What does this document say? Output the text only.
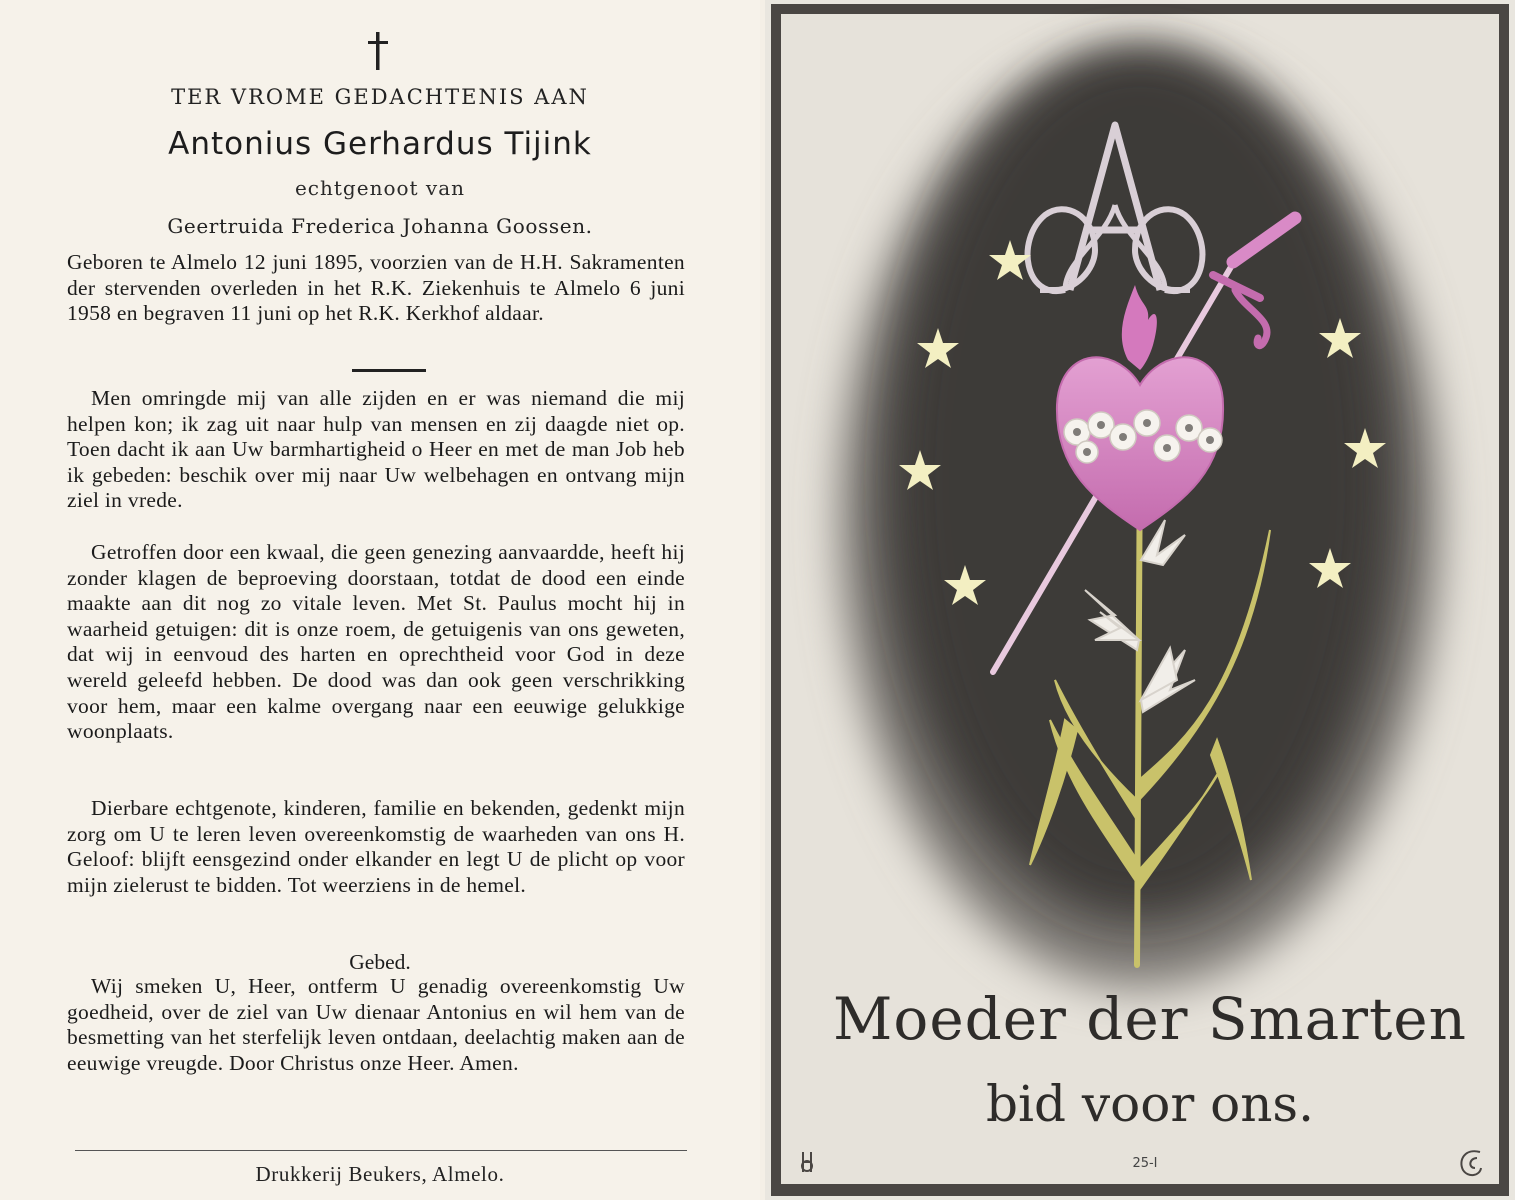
TER VROME GEDACHTENIS AAN
Antonius Gerhardus Tijink
echtgenoot van
Geertruida Frederica Johanna Goossen.

Geboren te Almelo 12 juni 1895, voorzien van de H.H. Sakramenten der stervenden overleden in het R.K. Ziekenhuis te Almelo 6 juni 1958 en begraven 11 juni op het R.K. Kerkhof aldaar.

Men omringde mij van alle zijden en er was niemand die mij helpen kon; ik zag uit naar hulp van mensen en zij daagde niet op. Toen dacht ik aan Uw barmhartigheid o Heer en met de man Job heb ik gebeden: beschik over mij naar Uw welbehagen en ontvang mijn ziel in vrede.

Getroffen door een kwaal, die geen genezing aanvaardde, heeft hij zonder klagen de beproeving doorstaan, totdat de dood een einde maakte aan dit nog zo vitale leven. Met St. Paulus mocht hij in waarheid getuigen: dit is onze roem, de getuigenis van ons geweten, dat wij in eenvoud des harten en oprechtheid voor God in deze wereld geleefd hebben. De dood was dan ook geen verschrikking voor hem, maar een kalme overgang naar een eeuwige gelukkige woonplaats.

Dierbare echtgenote, kinderen, familie en bekenden, gedenkt mijn zorg om U te leren leven overeenkomstig de waarheden van ons H. Geloof: blijft eensgezind onder elkander en legt U de plicht op voor mijn zielerust te bidden. Tot weerziens in de hemel.

Gebed.

Wij smeken U, Heer, ontferm U genadig overeenkomstig Uw goedheid, over de ziel van Uw dienaar Antonius en wil hem van de besmetting van het sterfelijk leven ontdaan, deelachtig maken aan de eeuwige vreugde. Door Christus onze Heer. Amen.

Drukkerij Beukers, Almelo.
Moeder der Smarten
bid voor ons.
25-I
